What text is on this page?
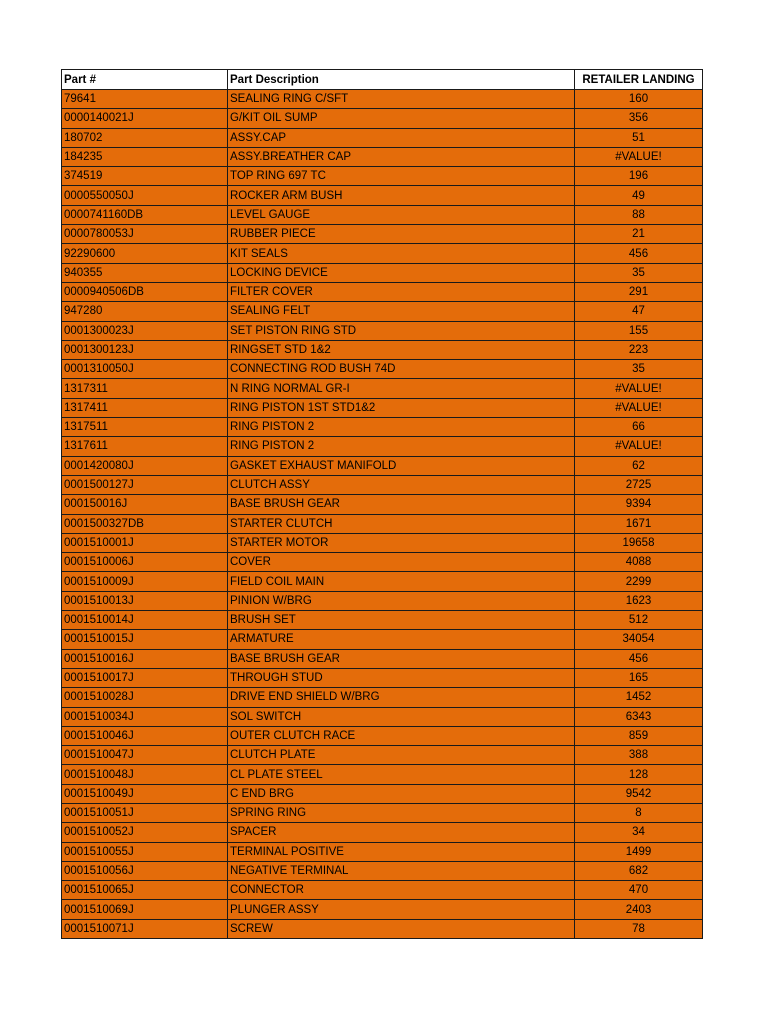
Part #	Part Description	RETAILER LANDING
79641	SEALING RING C/SFT	160
0000140021J	G/KIT OIL SUMP	356
180702	ASSY.CAP	51
184235	ASSY.BREATHER CAP	#VALUE!
374519	TOP RING 697 TC	196
0000550050J	ROCKER ARM BUSH	49
0000741160DB	LEVEL GAUGE	88
0000780053J	RUBBER PIECE	21
92290600	KIT SEALS	456
940355	LOCKING DEVICE	35
0000940506DB	FILTER COVER	291
947280	SEALING FELT	47
0001300023J	SET PISTON RING STD	155
0001300123J	RINGSET STD 1&2	223
0001310050J	CONNECTING ROD BUSH 74D	35
1317311	N RING NORMAL GR-I	#VALUE!
1317411	RING PISTON 1ST STD1&2	#VALUE!
1317511	RING PISTON 2	66
1317611	RING PISTON 2	#VALUE!
0001420080J	GASKET EXHAUST MANIFOLD	62
0001500127J	CLUTCH ASSY	2725
000150016J	BASE BRUSH GEAR	9394
0001500327DB	STARTER CLUTCH	1671
0001510001J	STARTER MOTOR	19658
0001510006J	COVER	4088
0001510009J	FIELD COIL MAIN	2299
0001510013J	PINION W/BRG	1623
0001510014J	BRUSH SET	512
0001510015J	ARMATURE	34054
0001510016J	BASE BRUSH GEAR	456
0001510017J	THROUGH STUD	165
0001510028J	DRIVE END SHIELD W/BRG	1452
0001510034J	SOL SWITCH	6343
0001510046J	OUTER CLUTCH RACE	859
0001510047J	CLUTCH PLATE	388
0001510048J	CL PLATE STEEL	128
0001510049J	C END BRG	9542
0001510051J	SPRING RING	8
0001510052J	SPACER	34
0001510055J	TERMINAL POSITIVE	1499
0001510056J	NEGATIVE TERMINAL	682
0001510065J	CONNECTOR	470
0001510069J	PLUNGER ASSY	2403
0001510071J	SCREW	78
